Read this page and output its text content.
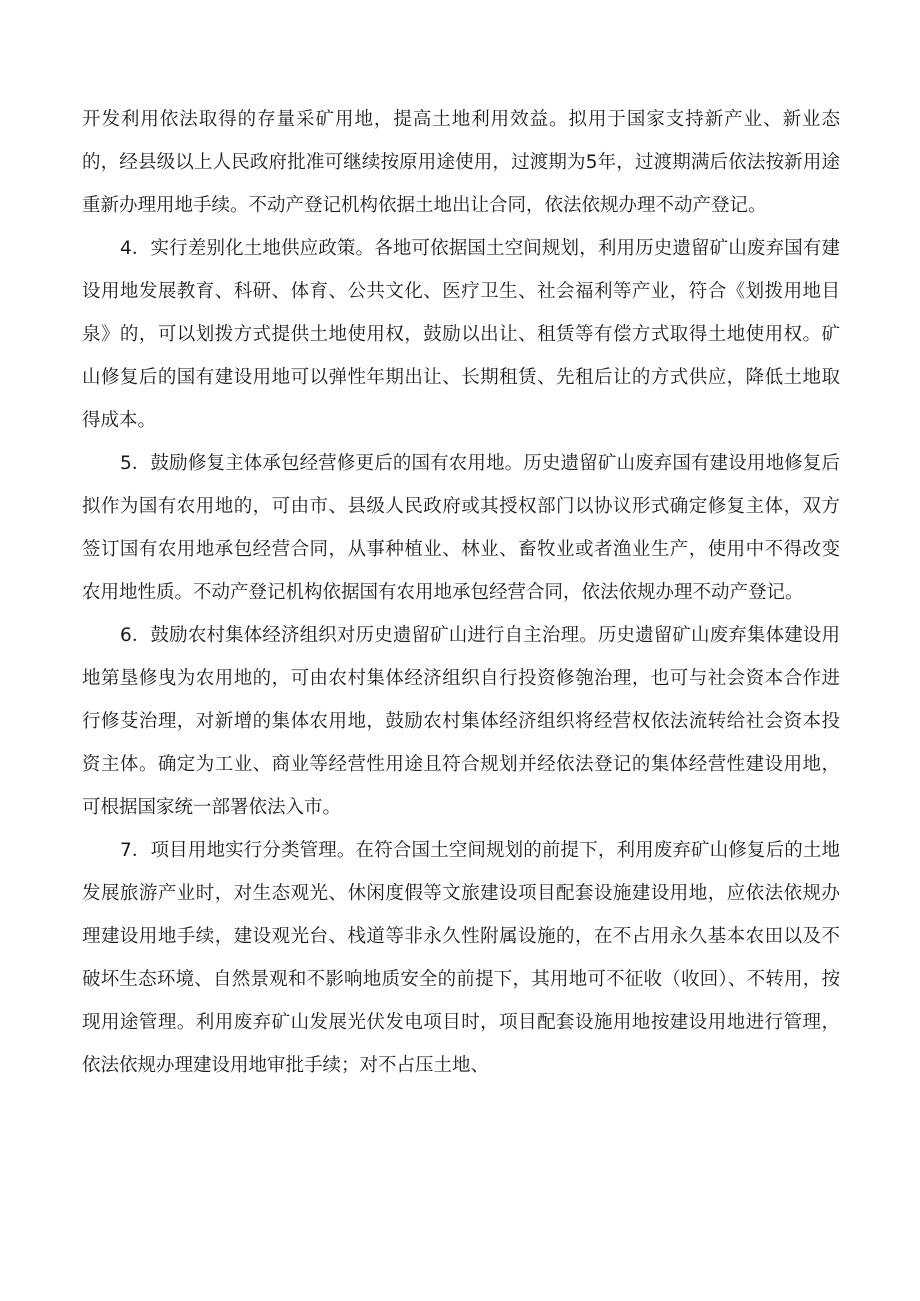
开发利用依法取得的存量采矿用地，提高土地利用效益。拟用于国家支持新产业、新业态的，经县级以上人民政府批准可继续按原用途使用，过渡期为5年，过渡期满后依法按新用途重新办理用地手续。不动产登记机构依据土地出让合同，依法依规办理不动产登记。

4．实行差别化土地供应政策。各地可依据国土空间规划，利用历史遗留矿山废弃国有建设用地发展教育、科研、体育、公共文化、医疗卫生、社会福利等产业，符合《划拨用地目泉》的，可以划拨方式提供土地使用权，鼓励以出让、租赁等有偿方式取得土地使用权。矿山修复后的国有建设用地可以弹性年期出让、长期租赁、先租后让的方式供应，降低土地取得成本。

5．鼓励修复主体承包经营修更后的国有农用地。历史遗留矿山废弃国有建设用地修复后拟作为国有农用地的，可由市、县级人民政府或其授权部门以协议形式确定修复主体，双方签订国有农用地承包经营合同，从事种植业、林业、畜牧业或者渔业生产，使用中不得改变农用地性质。不动产登记机构依据国有农用地承包经营合同，依法依规办理不动产登记。

6．鼓励农村集体经济组织对历史遗留矿山进行自主治理。历史遗留矿山废弃集体建设用地第垦修曳为农用地的，可由农村集体经济组织自行投资修匏治理，也可与社会资本合作进行修芟治理，对新增的集体农用地，鼓励农村集体经济组织将经营权依法流转给社会资本投资主体。确定为工业、商业等经营性用途且符合规划并经依法登记的集体经营性建设用地，可根据国家统一部署依法入市。

7．项目用地实行分类管理。在符合国土空间规划的前提下，利用废弃矿山修复后的土地发展旅游产业时，对生态观光、休闲度假等文旅建设项目配套设施建设用地，应依法依规办理建设用地手续，建设观光台、栈道等非永久性附属设施的，在不占用永久基本农田以及不破坏生态环境、自然景观和不影响地质安全的前提下，其用地可不征收（收回）、不转用，按现用途管理。利用废弃矿山发展光伏发电项目时，项目配套设施用地按建设用地进行管理，依法依规办理建设用地审批手续；对不占压土地、
